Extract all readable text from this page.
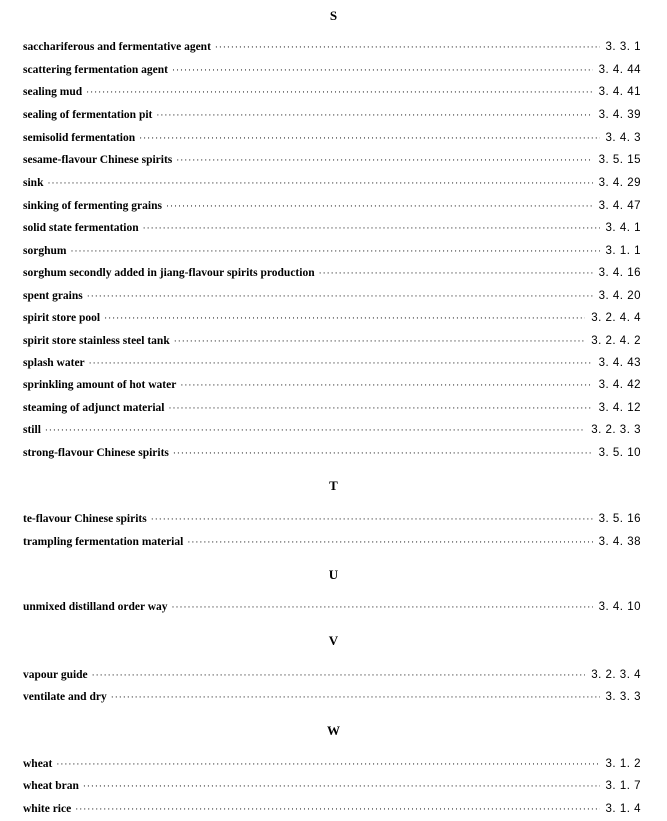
S
sacchariferous and fermentative agent ·····	3. 3. 1
scattering fermentation agent ·····	3. 4. 44
sealing mud ·····	3. 4. 41
sealing of fermentation pit ·····	3. 4. 39
semisolid fermentation ·····	3. 4. 3
sesame-flavour Chinese spirits ·····	3. 5. 15
sink ·····	3. 4. 29
sinking of fermenting grains ·····	3. 4. 47
solid state fermentation ·····	3. 4. 1
sorghum ·····	3. 1. 1
sorghum secondly added in jiang-flavour spirits production ·····	3. 4. 16
spent grains ·····	3. 4. 20
spirit store pool ·····	3. 2. 4. 4
spirit store stainless steel tank ·····	3. 2. 4. 2
splash water ·····	3. 4. 43
sprinkling amount of hot water ·····	3. 4. 42
steaming of adjunct material ·····	3. 4. 12
still ·····	3. 2. 3. 3
strong-flavour Chinese spirits ·····	3. 5. 10
T
te-flavour Chinese spirits ·····	3. 5. 16
trampling fermentation material ·····	3. 4. 38
U
unmixed distilland order way ·····	3. 4. 10
V
vapour guide ·····	3. 2. 3. 4
ventilate and dry ·····	3. 3. 3
W
wheat ·····	3. 1. 2
wheat bran ·····	3. 1. 7
white rice ·····	3. 1. 4
